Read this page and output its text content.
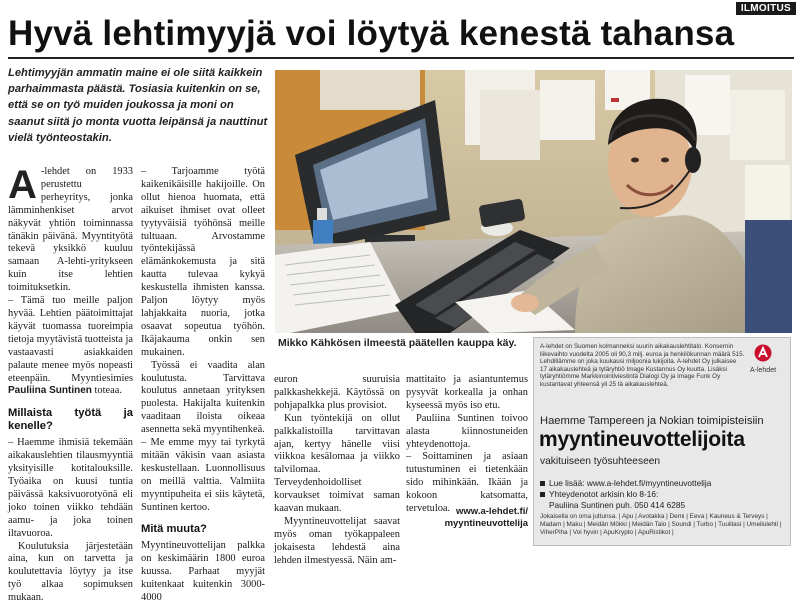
ILMOITUS
Hyvä lehtimyyjä voi löytyä kenestä tahansa
Lehtimyyjän ammatin maine ei ole siitä kaikkein parhaimmasta päästä. Tosiasia kuitenkin on se, että se on työ muiden joukossa ja moni on saanut siitä jo monta vuotta leipänsä ja nauttinut vielä työnteostakin.

A -lehdet on 1933 perustettu perheyritys, jonka lämminhenkiset arvot näkyvät yhtiön toiminnassa tänäkin päivänä. Myyntityötä tekevä yksikkö kuuluu samaan A-lehti-yritykseen kuin itse lehtien toimituksetkin.

– Tämä tuo meille paljon hyvää. Lehtien päätoimittajat käyvät tuomassa tuoreimpia tietoja myytävistä tuotteista ja vastaavasti asiakkaiden palaute menee myös nopeasti eteenpäin. Myyntiesimies Pauliina Suntinen toteaa.

Millaista työtä ja kenelle?

– Haemme ihmisiä tekemään aikakauslehtien tilausmyyntiä yksityisille kotitalouksille. Työaika on kuusi tuntia päivässä kaksivuorotyönä eli joko toinen viikko tehdään aamu- ja joka toinen iltavuoroa.

Koulutuksia järjestetään aina, kun on tarvetta ja koulutettavia löytyy ja itse työ alkaa sopimuksen mukaan.

– Tarjoamme työtä kaikenikäisille hakijoille. On ollut hienoa huomata, että aikuiset ihmiset ovat olleet tyytyväisiä työhönsä meille tultuaan. Arvostamme työntekijässä elämänkokemusta ja sitä kautta tulevaa kykyä keskustella ihmisten kanssa. Paljon löytyy myös lahjakkaita nuoria, jotka osaavat sopeutua työhön. Ikäjakauma onkin sen mukainen.

Työssä ei vaadita alan koulutusta. Tarvittava koulutus annetaan yrityksen puolesta. Hakijalta kuitenkin vaaditaan iloista oikeaa asennetta sekä myyntihenkeä.

– Me emme myy tai tyrkytä mitään väkisin vaan asiasta keskustellaan. Luonnollisuus on meillä valttia. Valmiita myyntipuheita ei siis käytetä, Suntinen kertoo.

Mitä muuta?

Myyntineuvottelijan palkka on keskimäärin 1800 euroa kuussa. Parhaat myyjät kuitenkaat kuitenkin 3000-4000

Mikko Kähkösen ilmeestä päätellen kauppa käy.

euron suuruisia palkkashekkejä. Käytössä on pohjapalkka plus provisiot.

Kun työntekijä on ollut palkkalistoilla tarvittavan ajan, kertyy hänelle viisi viikkoa kesälomaa ja viikko talvilomaa. Terveydenhoidolliset korvaukset toimivat saman kaavan mukaan.

Myyntineuvottelijat saavat myös oman työkappaleen jokaisesta lehdestä aina lehden ilmestyessä. Näin am-

mattitaito ja asiantuntemus pysyvät korkealla ja onhan kyseessä myös iso etu.

Pauliina Suntinen toivoo alasta kiinnostuneiden yhteydenottoja.

– Soittaminen ja asiaan tutustuminen ei tietenkään sido mihinkään. Ikään ja kokoon katsomatta, tervetuloa. www.a-lehdet.fi/
myyntineuvottelija
A-lehdet on Suomen kolmanneksi suurin aikakauslehtitalo. Konsernin liikevaihto vuodelta 2005 oli 90,3 milj. euroa ja henkilökunnan määrä 515. Lehdillämme on joka kuukausi miljoonia lukijoita. A-lehdet Oy julkaisee 17 aikakauslehteä ja tytäryhtiö Image Kustannus Oy kuutta. Lisäksi tytäryhtiömme Markkinointiviestintä Dialogi Oy ja Image Funk Oy kustantavat yhteensä yli 25 tä aikakauslehteä.
A-lehdet
Haemme Tampereen ja Nokian toimipisteisiin
myyntineuvottelijoita
vakituiseen työsuhteeseen
Lue lisää: www.a-lehdet.fi/myyntineuvottelija
Yhteydenotot arkisin klo 8-16:
Pauliina Suntinen puh. 050 414 6285
Jokaisella on oma juttunsa. | Apu | Avotakka | Demi | Eeva | Kauneus & Terveys | Madam | Maku | Meidän Mökki | Meidän Talo | Soundi | Turbo | Tuulilasi | Umeilulehti | ViherPiha | Voi hyvin | ApuKrypto | ApuRistikot |
